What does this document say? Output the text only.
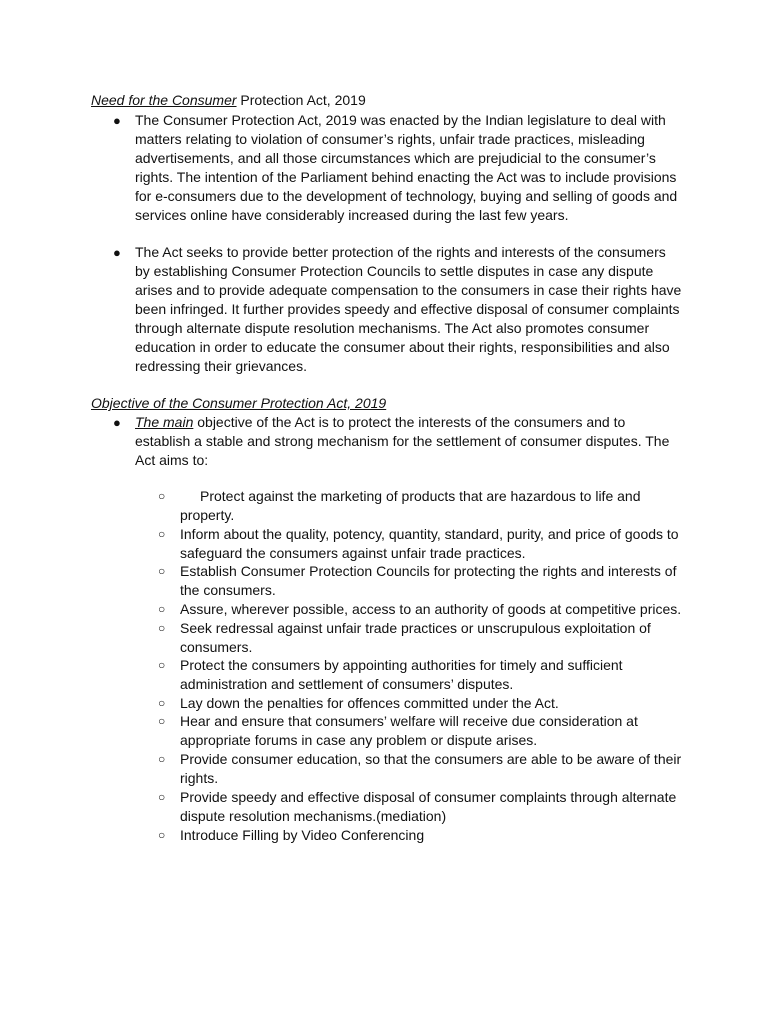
Need for the Consumer Protection Act, 2019
● The Consumer Protection Act, 2019 was enacted by the Indian legislature to deal with matters relating to violation of consumer’s rights, unfair trade practices, misleading advertisements, and all those circumstances which are prejudicial to the consumer’s rights. The intention of the Parliament behind enacting the Act was to include provisions for e-consumers due to the development of technology, buying and selling of goods and services online have considerably increased during the last few years.
● The Act seeks to provide better protection of the rights and interests of the consumers by establishing Consumer Protection Councils to settle disputes in case any dispute arises and to provide adequate compensation to the consumers in case their rights have been infringed. It further provides speedy and effective disposal of consumer complaints through alternate dispute resolution mechanisms. The Act also promotes consumer education in order to educate the consumer about their rights, responsibilities and also redressing their grievances.
Objective of the Consumer Protection Act, 2019
● The main objective of the Act is to protect the interests of the consumers and to establish a stable and strong mechanism for the settlement of consumer disputes. The Act aims to:
○	Protect against the marketing of products that are hazardous to life and property.
○ Inform about the quality, potency, quantity, standard, purity, and price of goods to safeguard the consumers against unfair trade practices.
○ Establish Consumer Protection Councils for protecting the rights and interests of the consumers.
○ Assure, wherever possible, access to an authority of goods at competitive prices.
○ Seek redressal against unfair trade practices or unscrupulous exploitation of consumers.
○ Protect the consumers by appointing authorities for timely and sufficient administration and settlement of consumers’ disputes.
○ Lay down the penalties for offences committed under the Act.
○ Hear and ensure that consumers’ welfare will receive due consideration at appropriate forums in case any problem or dispute arises.
○ Provide consumer education, so that the consumers are able to be aware of their rights.
○ Provide speedy and effective disposal of consumer complaints through alternate dispute resolution mechanisms.(mediation)
○ Introduce Filling by Video Conferencing
